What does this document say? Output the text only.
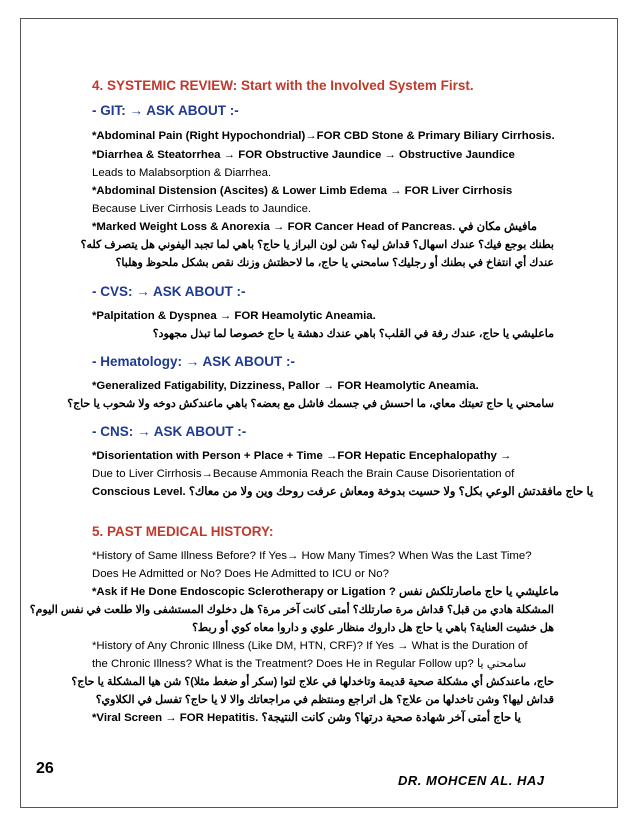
4. SYSTEMIC REVIEW: Start with the Involved System First.
- GIT: → ASK ABOUT :-
*Abdominal Pain (Right Hypochondrial)→FOR CBD Stone & Primary Biliary Cirrhosis.
*Diarrhea & Steatorrhea → FOR Obstructive Jaundice → Obstructive Jaundice
Leads to Malabsorption & Diarrhea.
*Abdominal Distension (Ascites) & Lower Limb Edema → FOR Liver Cirrhosis
Because Liver Cirrhosis Leads to Jaundice.
*Marked Weight Loss & Anorexia → FOR Cancer Head of Pancreas. مافيش مكان في
بطنك بوجع فيك؟ عندك اسهال؟ قداش ليه؟ شن لون البراز يا حاج؟ باهي لما تجبد اليفوني هل يتصرف كله؟
عندك أي انتفاخ في بطنك أو رجليك؟ سامحني يا حاج، ما لاحظتش وزنك نقص بشكل ملحوظ وهلبا؟
- CVS: → ASK ABOUT :-
*Palpitation & Dyspnea → FOR Heamolytic Aneamia.
ماعليشي يا حاج، عندك رفة في القلب؟ باهي عندك دهشة يا حاج خصوصا لما تبذل مجهود؟
- Hematology: → ASK ABOUT :-
*Generalized Fatigability, Dizziness, Pallor → FOR Heamolytic Aneamia.
سامحني يا حاج تعبتك معاي، ما احسش في جسمك فاشل مع بعضه؟ باهي ماعندكش دوخه ولا شحوب يا حاج؟
- CNS: → ASK ABOUT :-
*Disorientation with Person + Place + Time →FOR Hepatic Encephalopathy →
Due to Liver Cirrhosis→Because Ammonia Reach the Brain Cause Disorientation of
Conscious Level. يا حاج مافقدتش الوعي بكل؟ ولا حسيت بدوخة ومعاش عرفت روحك وين ولا من معاك؟
5. PAST MEDICAL HISTORY:
*History of Same Illness Before? If Yes→ How Many Times? When Was the Last Time?
Does He Admitted or No? Does He Admitted to ICU or No?
*Ask if He Done Endoscopic Sclerotherapy or Ligation ? ماعليشي يا حاج ماصارتلكش نفس
المشكلة هادي من قبل؟ قداش مرة صارتلك؟ أمتى كانت آخر مرة؟ هل دخلوك المستشفى والا طلعت في نفس اليوم؟
هل خشيت العناية؟ باهي يا حاج هل داروك منظار علوي و داروا معاه كوي أو ربط؟
*History of Any Chronic Illness (Like DM, HTN, CRF)? If Yes → What is the Duration of
the Chronic Illness? What is the Treatment? Does He in Regular Follow up? سامحني يا
حاج، ماعندكش أي مشكلة صحية قديمة وتاخدلها في علاج لتوا (سكر أو ضغط مثلا)؟ شن هيا المشكلة يا حاج؟
قداش ليها؟ وشن تاخدلها من علاج؟ هل اتراجع ومنتظم في مراجعاتك والا لا يا حاج؟ تفسل في الكلاوي؟
*Viral Screen → FOR Hepatitis. يا حاج أمتى آخر شهادة صحية درتها؟ وشن كانت النتيجة؟
26
DR. MOHCEN AL. HAJ
